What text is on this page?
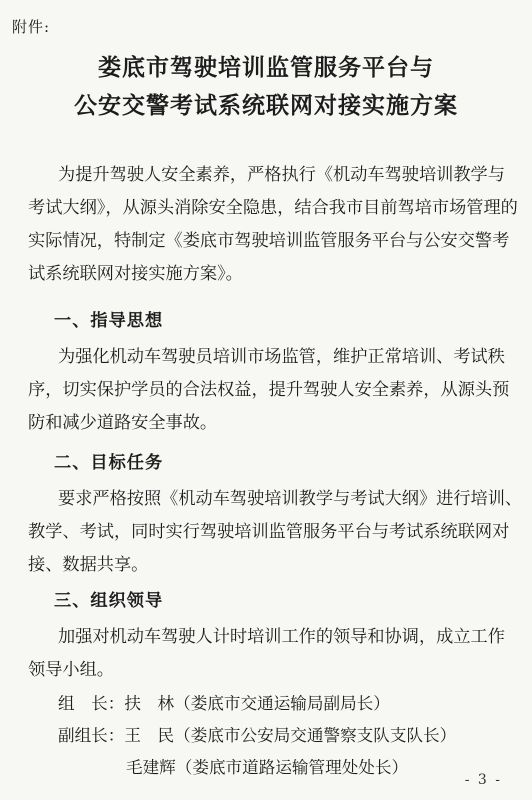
附件:
娄底市驾驶培训监管服务平台与
公安交警考试系统联网对接实施方案
为提升驾驶人安全素养，严格执行《机动车驾驶培训教学与
考试大纲》，从源头消除安全隐患，结合我市目前驾培市场管理的
实际情况，特制定《娄底市驾驶培训监管服务平台与公安交警考
试系统联网对接实施方案》。
一、指导思想
为强化机动车驾驶员培训市场监管，维护正常培训、考试秩
序，切实保护学员的合法权益，提升驾驶人安全素养，从源头预
防和减少道路安全事故。
二、目标任务
要求严格按照《机动车驾驶培训教学与考试大纲》进行培训、
教学、考试，同时实行驾驶培训监管服务平台与考试系统联网对
接、数据共享。
三、组织领导
加强对机动车驾驶人计时培训工作的领导和协调，成立工作
领导小组。
组　长：扶　林（娄底市交通运输局副局长）
副组长：王　民（娄底市公安局交通警察支队支队长）
毛建辉（娄底市道路运输管理处处长）
- 3 -
